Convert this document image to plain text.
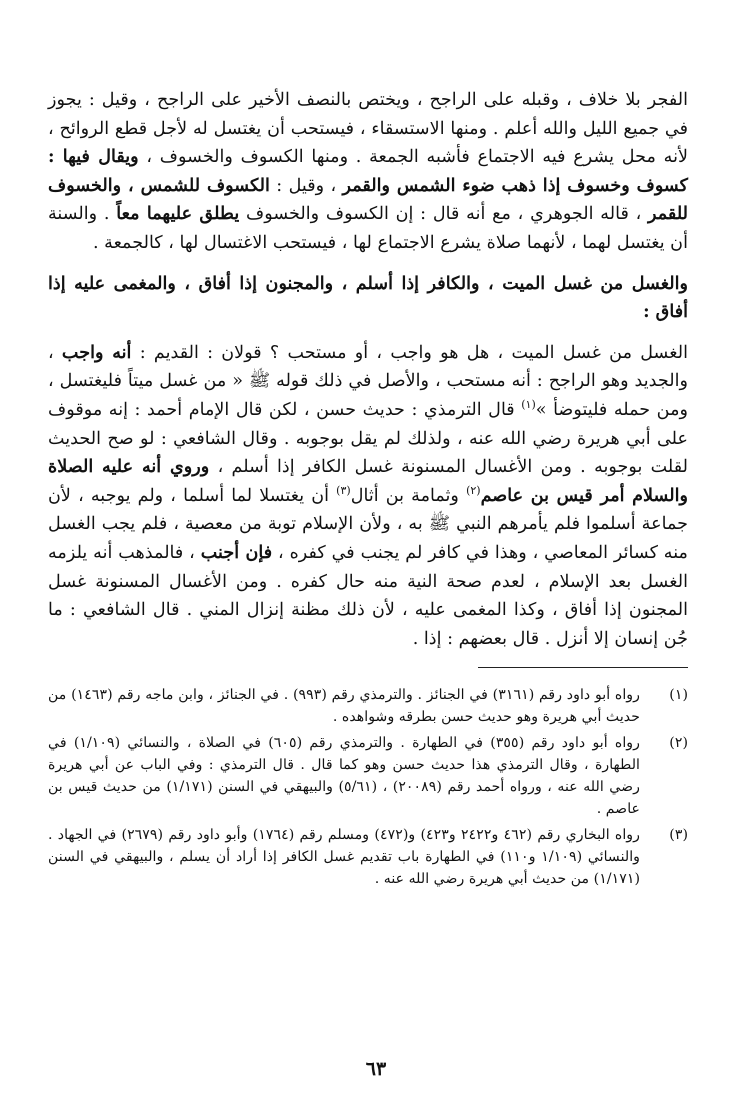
الفجر بلا خلاف ، وقبله على الراجح ، ويختص بالنصف الأخير على الراجح ، وقيل : يجوز في جميع الليل والله أعلم . ومنها الاستسقاء ، فيستحب أن يغتسل له لأجل قطع الروائح ، لأنه محل يشرع فيه الاجتماع فأشبه الجمعة . ومنها الكسوف والخسوف ، ويقال فيها : كسوف وخسوف إذا ذهب ضوء الشمس والقمر ، وقيل : الكسوف للشمس ، والخسوف للقمر ، قاله الجوهري ، مع أنه قال : إن الكسوف والخسوف يطلق عليهما معاً . والسنة أن يغتسل لهما ، لأنهما صلاة يشرع الاجتماع لها ، فيستحب الاغتسال لها ، كالجمعة .

والغسل من غسل الميت ، والكافر إذا أسلم ، والمجنون إذا أفاق ، والمغمى عليه إذا أفاق :

الغسل من غسل الميت ، هل هو واجب ، أو مستحب ؟ قولان : القديم : أنه واجب ، والجديد وهو الراجح : أنه مستحب ، والأصل في ذلك قوله ﷺ « من غسل ميتاً فليغتسل ، ومن حمله فليتوضأ »$^{(١)}$ قال الترمذي : حديث حسن ، لكن قال الإمام أحمد : إنه موقوف على أبي هريرة رضي الله عنه ، ولذلك لم يقل بوجوبه . وقال الشافعي : لو صح الحديث لقلت بوجوبه . ومن الأغسال المسنونة غسل الكافر إذا أسلم ، وروي أنه عليه الصلاة والسلام أمر قيس بن عاصم$^{(٢)}$ وثمامة بن أثال$^{(٣)}$ أن يغتسلا لما أسلما ، ولم يوجبه ، لأن جماعة أسلموا فلم يأمرهم النبي ﷺ به ، ولأن الإسلام توبة من معصية ، فلم يجب الغسل منه كسائر المعاصي ، وهذا في كافر لم يجنب في كفره ، فإن أجنب ، فالمذهب أنه يلزمه الغسل بعد الإسلام ، لعدم صحة النية منه حال كفره . ومن الأغسال المسنونة غسل المجنون إذا أفاق ، وكذا المغمى عليه ، لأن ذلك مظنة إنزال المني . قال الشافعي : ما جُن إنسان إلا أنزل . قال بعضهم : إذا .

(١)
رواه أبو داود رقم (٣١٦١) في الجنائز . والترمذي رقم (٩٩٣) . في الجنائز ، وابن ماجه رقم (١٤٦٣) من حديث أبي هريرة وهو حديث حسن بطرقه وشواهده .
(٢)
رواه أبو داود رقم (٣٥٥) في الطهارة . والترمذي رقم (٦٠٥) في الصلاة ، والنسائي (١/١٠٩) في الطهارة ، وقال الترمذي هذا حديث حسن وهو كما قال . قال الترمذي : وفي الباب عن أبي هريرة رضي الله عنه ، ورواه أحمد رقم (٢٠٠٨٩) ، (٥/٦١) والبيهقي في السنن (١/١٧١) من حديث قيس بن عاصم .
(٣)
رواه البخاري رقم (٤٦٢ و٢٤٢٢ و٤٢٣) و(٤٧٢) ومسلم رقم (١٧٦٤) وأبو داود رقم (٢٦٧٩) في الجهاد . والنسائي (١/١٠٩ و١١٠) في الطهارة باب تقديم غسل الكافر إذا أراد أن يسلم ، والبيهقي في السنن (١/١٧١) من حديث أبي هريرة رضي الله عنه .
٦٣
